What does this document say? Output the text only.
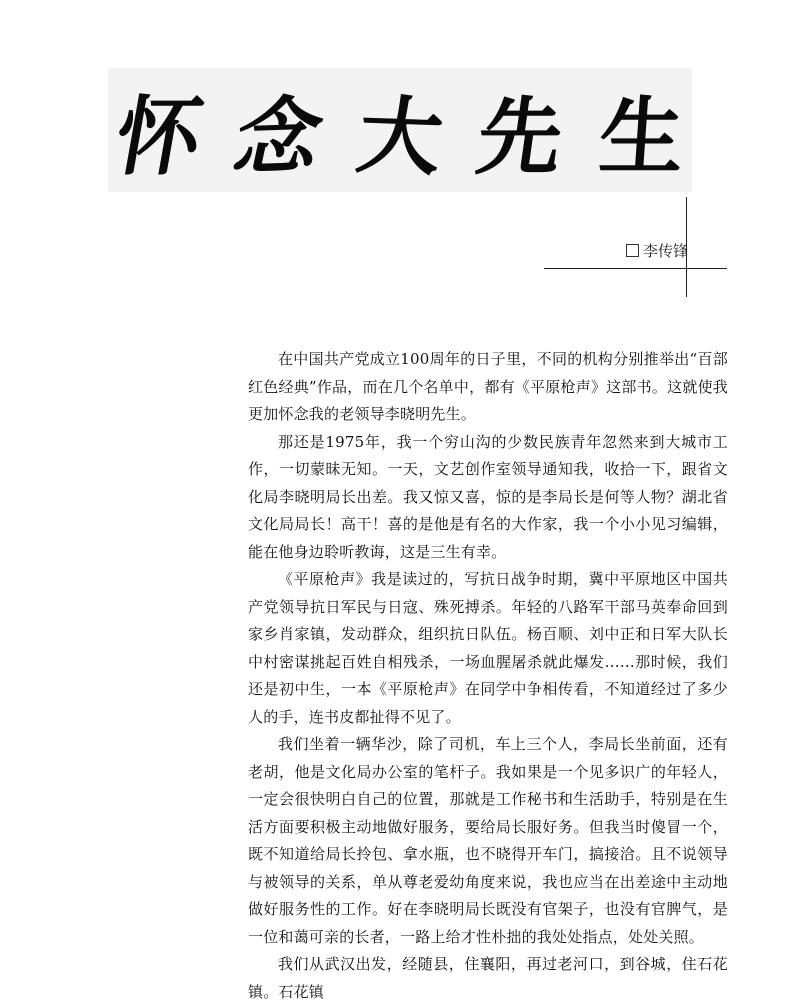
怀 念 大 先 生
李传锋

在中国共产党成立100周年的日子里，不同的机构分别推举出“百部红色经典”作品，而在几个名单中，都有《平原枪声》这部书。这就使我更加怀念我的老领导李晓明先生。

那还是1975年，我一个穷山沟的少数民族青年忽然来到大城市工作，一切蒙昧无知。一天，文艺创作室领导通知我，收拾一下，跟省文化局李晓明局长出差。我又惊又喜，惊的是李局长是何等人物？湖北省文化局局长！高干！喜的是他是有名的大作家，我一个小小见习编辑，能在他身边聆听教诲，这是三生有幸。

《平原枪声》我是读过的，写抗日战争时期，冀中平原地区中国共产党领导抗日军民与日寇、殊死搏杀。年轻的八路军干部马英奉命回到家乡肖家镇，发动群众，组织抗日队伍。杨百顺、刘中正和日军大队长中村密谋挑起百姓自相残杀，一场血腥屠杀就此爆发……那时候，我们还是初中生，一本《平原枪声》在同学中争相传看，不知道经过了多少人的手，连书皮都扯得不见了。

我们坐着一辆华沙，除了司机，车上三个人，李局长坐前面，还有老胡，他是文化局办公室的笔杆子。我如果是一个见多识广的年轻人，一定会很快明白自己的位置，那就是工作秘书和生活助手，特别是在生活方面要积极主动地做好服务，要给局长服好务。但我当时傻冒一个，既不知道给局长拎包、拿水瓶，也不晓得开车门，搞接洽。且不说领导与被领导的关系，单从尊老爱幼角度来说，我也应当在出差途中主动地做好服务性的工作。好在李晓明局长既没有官架子，也没有官脾气，是一位和蔼可亲的长者，一路上给才性朴拙的我处处指点，处处关照。

我们从武汉出发，经随县，住襄阳，再过老河口，到谷城，住石花镇。石花镇
